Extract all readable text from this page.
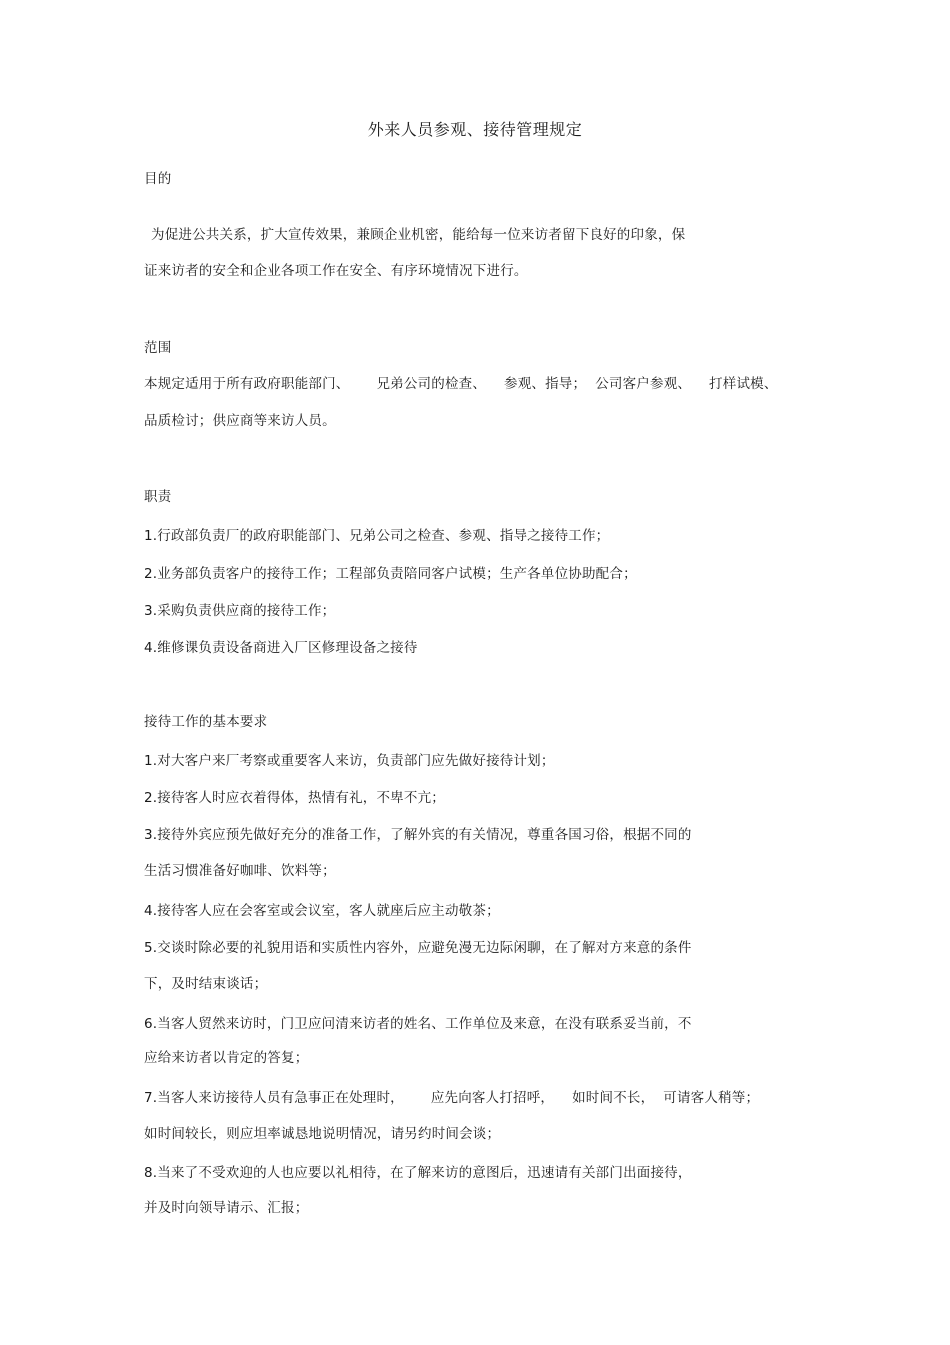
外来人员参观、接待管理规定
目的
为促进公共关系，扩大宣传效果，兼顾企业机密，能给每一位来访者留下良好的印象，保
证来访者的安全和企业各项工作在安全、有序环境情况下进行。
范围
本规定适用于所有政府职能部门、      兄弟公司的检查、    参观、指导；  公司客户参观、    打样试模、
品质检讨；供应商等来访人员。
职责
1.行政部负责厂的政府职能部门、兄弟公司之检查、参观、指导之接待工作；
2.业务部负责客户的接待工作；工程部负责陪同客户试模；生产各单位协助配合；
3.采购负责供应商的接待工作；
4.维修课负责设备商进入厂区修理设备之接待
接待工作的基本要求
1.对大客户来厂考察或重要客人来访，负责部门应先做好接待计划；
2.接待客人时应衣着得体，热情有礼，不卑不亢；
3.接待外宾应预先做好充分的准备工作，了解外宾的有关情况，尊重各国习俗，根据不同的
生活习惯准备好咖啡、饮料等；
4.接待客人应在会客室或会议室，客人就座后应主动敬茶；
5.交谈时除必要的礼貌用语和实质性内容外，应避免漫无边际闲聊，在了解对方来意的条件
下，及时结束谈话；
6.当客人贸然来访时，门卫应问清来访者的姓名、工作单位及来意，在没有联系妥当前，不
应给来访者以肯定的答复；
7.当客人来访接待人员有急事正在处理时，      应先向客人打招呼，    如时间不长，  可请客人稍等；
如时间较长，则应坦率诚恳地说明情况，请另约时间会谈；
8.当来了不受欢迎的人也应要以礼相待，在了解来访的意图后，迅速请有关部门出面接待，
并及时向领导请示、汇报；
